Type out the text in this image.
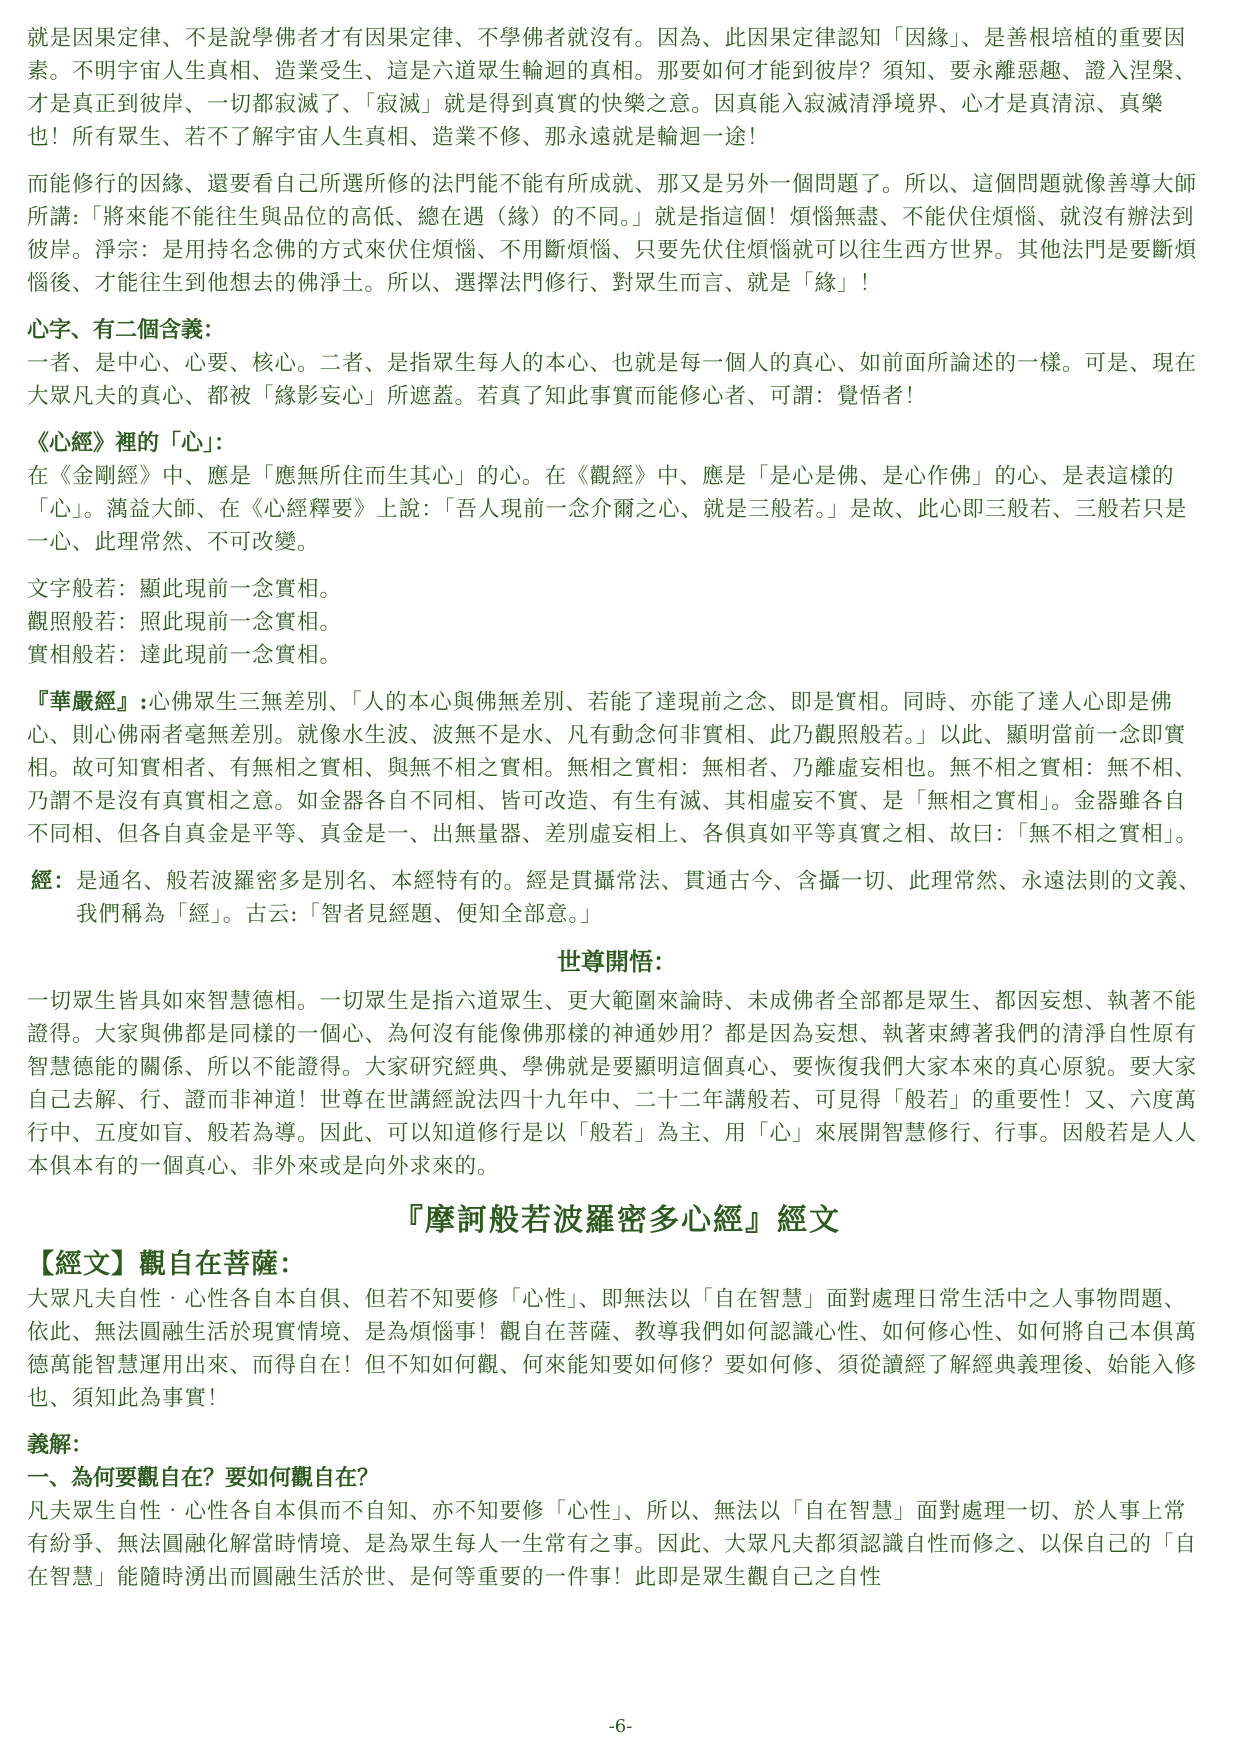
就是因果定律、不是說學佛者才有因果定律、不學佛者就沒有。因為、此因果定律認知「因緣」、是善根培植的重要因素。不明宇宙人生真相、造業受生、這是六道眾生輪迴的真相。那要如何才能到彼岸？須知、要永離惡趣、證入涅槃、才是真正到彼岸、一切都寂滅了、「寂滅」就是得到真實的快樂之意。因真能入寂滅清淨境界、心才是真清涼、真樂也！所有眾生、若不了解宇宙人生真相、造業不修、那永遠就是輪迴一途！

而能修行的因緣、還要看自己所選所修的法門能不能有所成就、那又是另外一個問題了。所以、這個問題就像善導大師所講:「將來能不能往生與品位的高低、總在遇（緣）的不同。」就是指這個！煩惱無盡、不能伏住煩惱、就沒有辦法到彼岸。淨宗：是用持名念佛的方式來伏住煩惱、不用斷煩惱、只要先伏住煩惱就可以往生西方世界。其他法門是要斷煩惱後、才能往生到他想去的佛淨土。所以、選擇法門修行、對眾生而言、就是「緣」！

心字、有二個含義：

一者、是中心、心要、核心。二者、是指眾生每人的本心、也就是每一個人的真心、如前面所論述的一樣。可是、現在大眾凡夫的真心、都被「緣影妄心」所遮蓋。若真了知此事實而能修心者、可謂：覺悟者！

《心經》裡的「心」：

在《金剛經》中、應是「應無所住而生其心」的心。在《觀經》中、應是「是心是佛、是心作佛」的心、是表這樣的「心」。蕅益大師、在《心經釋要》上說：「吾人現前一念介爾之心、就是三般若。」是故、此心即三般若、三般若只是一心、此理常然、不可改變。

文字般若：顯此現前一念實相。
觀照般若：照此現前一念實相。
實相般若：達此現前一念實相。

『華嚴經』:心佛眾生三無差別、「人的本心與佛無差別、若能了達現前之念、即是實相。同時、亦能了達人心即是佛心、則心佛兩者毫無差別。就像水生波、波無不是水、凡有動念何非實相、此乃觀照般若。」以此、顯明當前一念即實相。故可知實相者、有無相之實相、與無不相之實相。無相之實相：無相者、乃離虛妄相也。無不相之實相：無不相、乃謂不是沒有真實相之意。如金器各自不同相、皆可改造、有生有滅、其相虛妄不實、是「無相之實相」。金器雖各自不同相、但各自真金是平等、真金是一、出無量器、差別虛妄相上、各俱真如平等真實之相、故曰：「無不相之實相」。

經： 是通名、般若波羅密多是別名、本經特有的。經是貫攝常法、貫通古今、含攝一切、此理常然、永遠法則的文義、我們稱為「經」。古云:「智者見經題、便知全部意。」
世尊開悟：

一切眾生皆具如來智慧德相。一切眾生是指六道眾生、更大範圍來論時、未成佛者全部都是眾生、都因妄想、執著不能證得。大家與佛都是同樣的一個心、為何沒有能像佛那樣的神通妙用？都是因為妄想、執著束縛著我們的清淨自性原有智慧德能的關係、所以不能證得。大家研究經典、學佛就是要顯明這個真心、要恢復我們大家本來的真心原貌。要大家自己去解、行、證而非神道！世尊在世講經說法四十九年中、二十二年講般若、可見得「般若」的重要性！又、六度萬行中、五度如盲、般若為導。因此、可以知道修行是以「般若」為主、用「心」來展開智慧修行、行事。因般若是人人本俱本有的一個真心、非外來或是向外求來的。

『摩訶般若波羅密多心經』經文
【經文】觀自在菩薩：

大眾凡夫自性‧心性各自本自俱、但若不知要修「心性」、即無法以「自在智慧」面對處理日常生活中之人事物問題、依此、無法圓融生活於現實情境、是為煩惱事！觀自在菩薩、教導我們如何認識心性、如何修心性、如何將自己本俱萬德萬能智慧運用出來、而得自在！但不知如何觀、何來能知要如何修？要如何修、須從讀經了解經典義理後、始能入修也、須知此為事實！

義解：
一、為何要觀自在？要如何觀自在？

凡夫眾生自性‧心性各自本俱而不自知、亦不知要修「心性」、所以、無法以「自在智慧」面對處理一切、於人事上常有紛爭、無法圓融化解當時情境、是為眾生每人一生常有之事。因此、大眾凡夫都須認識自性而修之、以保自己的「自在智慧」能隨時湧出而圓融生活於世、是何等重要的一件事！此即是眾生觀自己之自性

-6-
